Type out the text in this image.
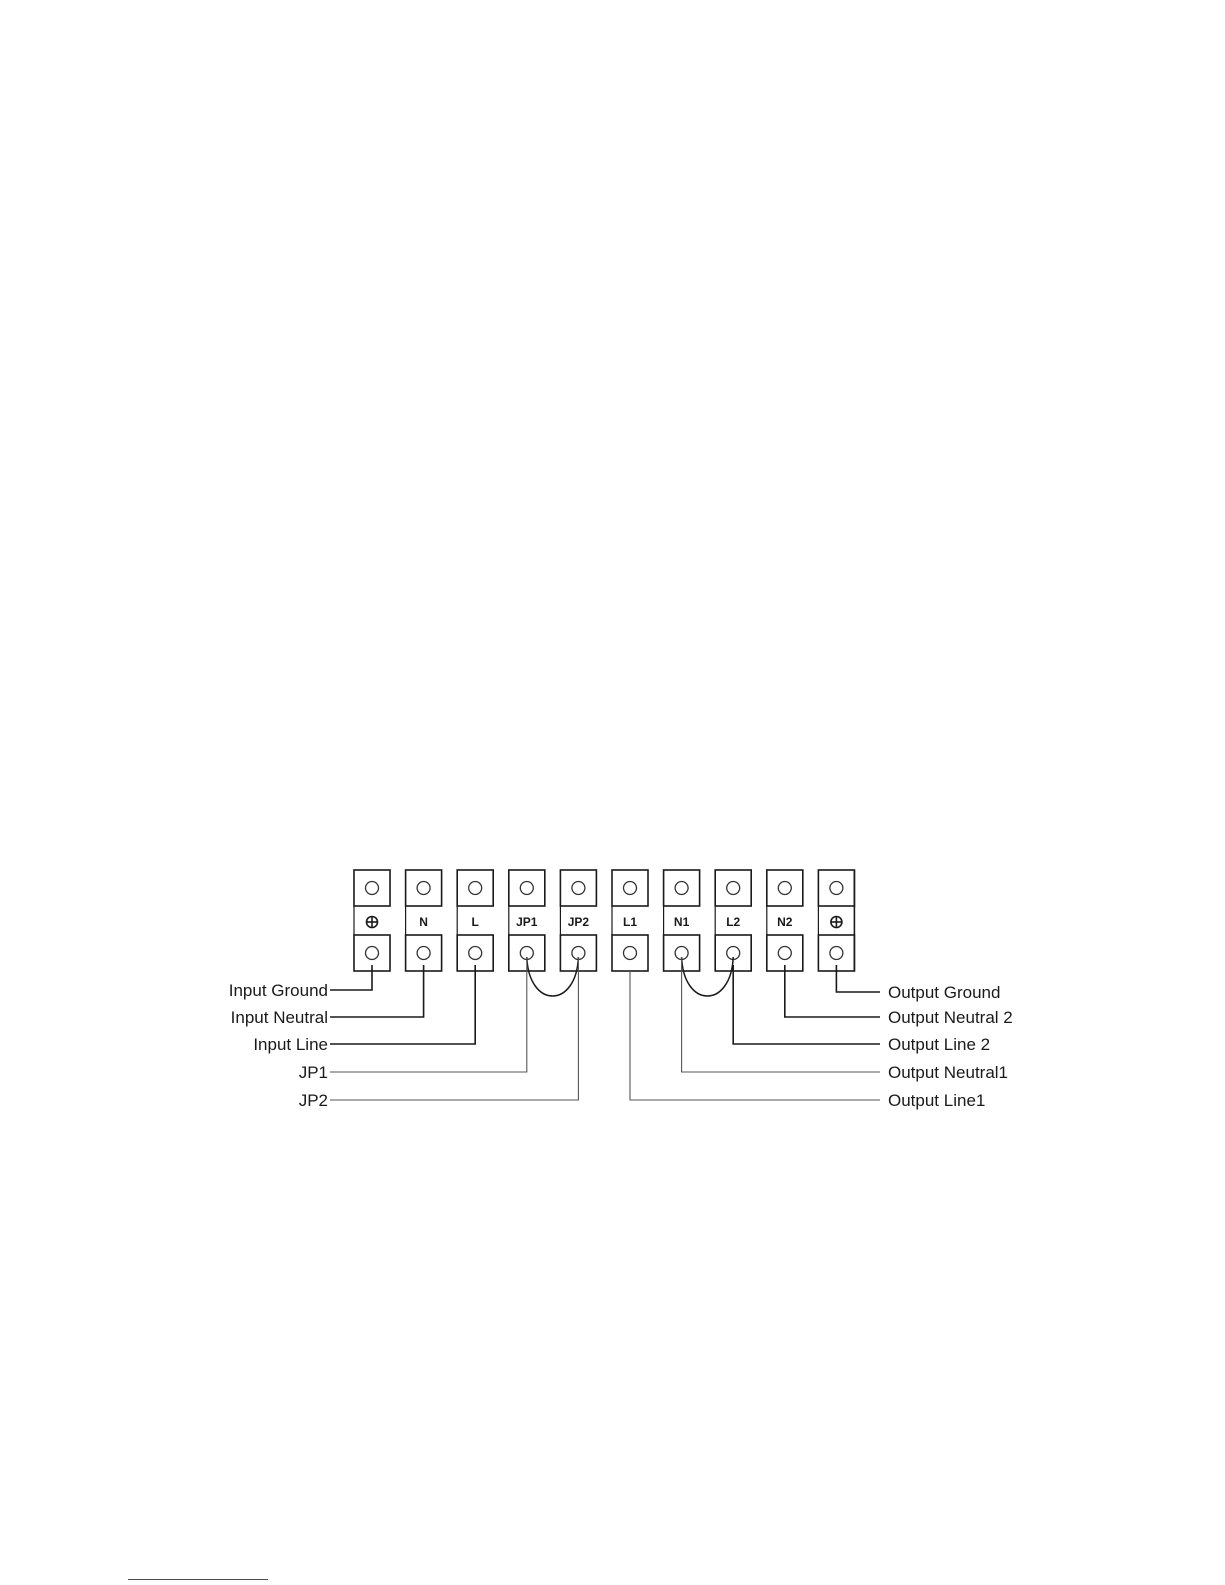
N	L	JP1	JP2	L1	N1	L2	N2
Input Ground
Input Neutral
Input Line
JP1
JP2
Output Ground
Output Neutral 2
Output Line 2
Output Neutral1
Output Line1
